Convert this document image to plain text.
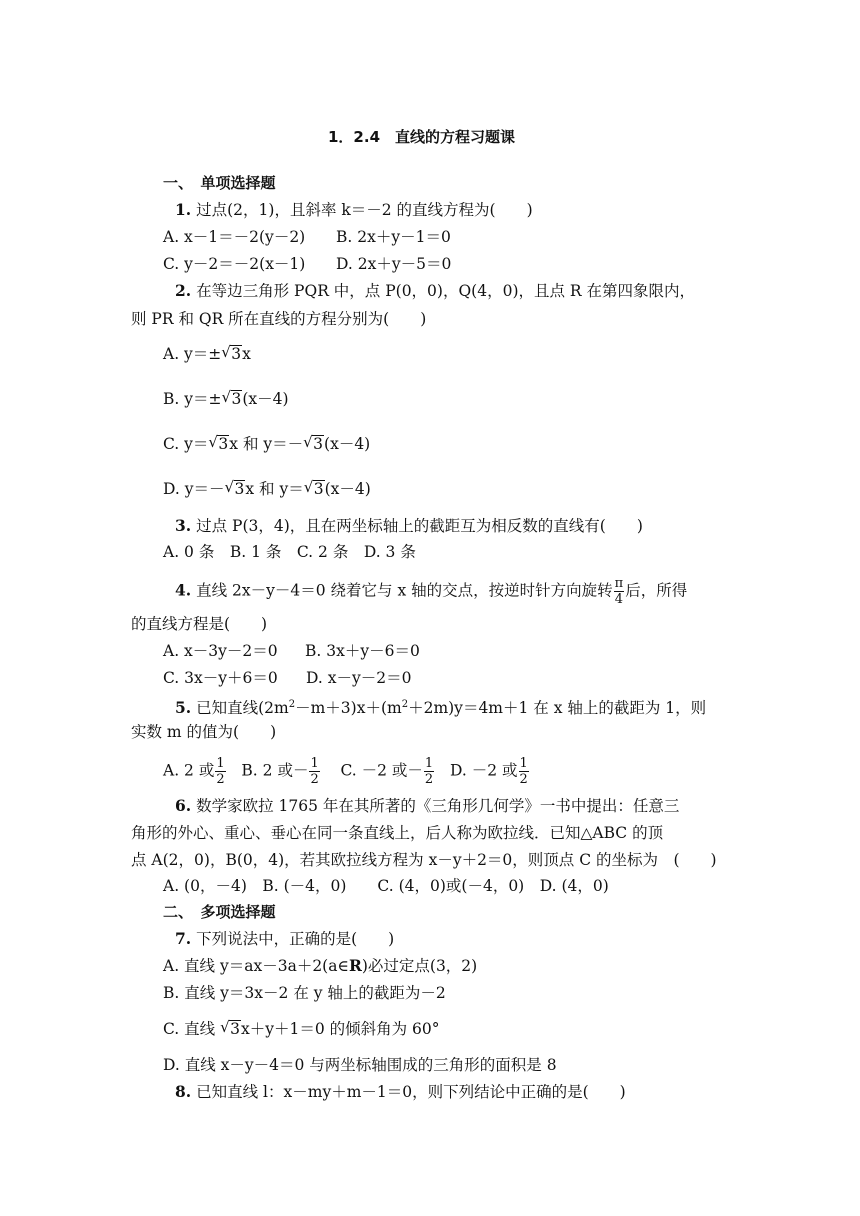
1．2.4　直线的方程习题课
一、　单项选择题
1. 过点(2，1)，且斜率 k＝－2 的直线方程为(　　)
A. x－1＝－2(y－2) B. 2x＋y－1＝0
C. y－2＝－2(x－1) D. 2x＋y－5＝0
2. 在等边三角形 PQR 中，点 P(0，0)，Q(4，0)，且点 R 在第四象限内，
则 PR 和 QR 所在直线的方程分别为(　　)
A. y＝± √ 3x
B. y＝± √ 3(x－4)
C. y＝ √ 3x 和 y＝－ √ 3(x－4)
D. y＝－ √ 3x 和 y＝ √ 3(x－4)
3. 过点 P(3，4)，且在两坐标轴上的截距互为相反数的直线有(　　)
A. 0 条　B. 1 条　C. 2 条　D. 3 条
4. 直线 2x－y－4＝0 绕着它与 x 轴的交点，按逆时针方向旋转 $\frac{\pi}{4}$ 后，所得
的直线方程是(　　)
A. x－3y－2＝0 B. 3x＋y－6＝0
C. 3x－y＋6＝0 D. x－y－2＝0
5. 已知直线$(2m^2-m+3)x+(m^2+2m)y=4m+1$ 在 x 轴上的截距为 1，则
实数 m 的值为(　　)
A. 2 或 $\frac{1}{2} B$. 2 或－ $\frac{1}{2} C$. －2 或－ $\frac{1}{2} D$. －2 或 $\frac{1}{2}$
6. 数学家欧拉 1765 年在其所著的《三角形几何学》一书中提出：任意三
角形的外心、重心、垂心在同一条直线上，后人称为欧拉线．已知△ABC 的顶
点 A(2，0)，B(0，4)，若其欧拉线方程为 x－y＋2＝0，则顶点 C 的坐标为　(　　)
A. (0，－4)　B. (－4，0)　　C. (4，0)或(－4，0)　D. (4，0)
二、　多项选择题
7. 下列说法中，正确的是(　　)
A. 直线 y＝ax－3a＋2(a∈R)必过定点(3，2)
B. 直线 y＝3x－2 在 y 轴上的截距为－2
C. 直线 √ 3x＋y＋1＝0 的倾斜角为 60°
D. 直线 x－y－4＝0 与两坐标轴围成的三角形的面积是 8
8. 已知直线 l：x－my＋m－1＝0，则下列结论中正确的是(　　)
